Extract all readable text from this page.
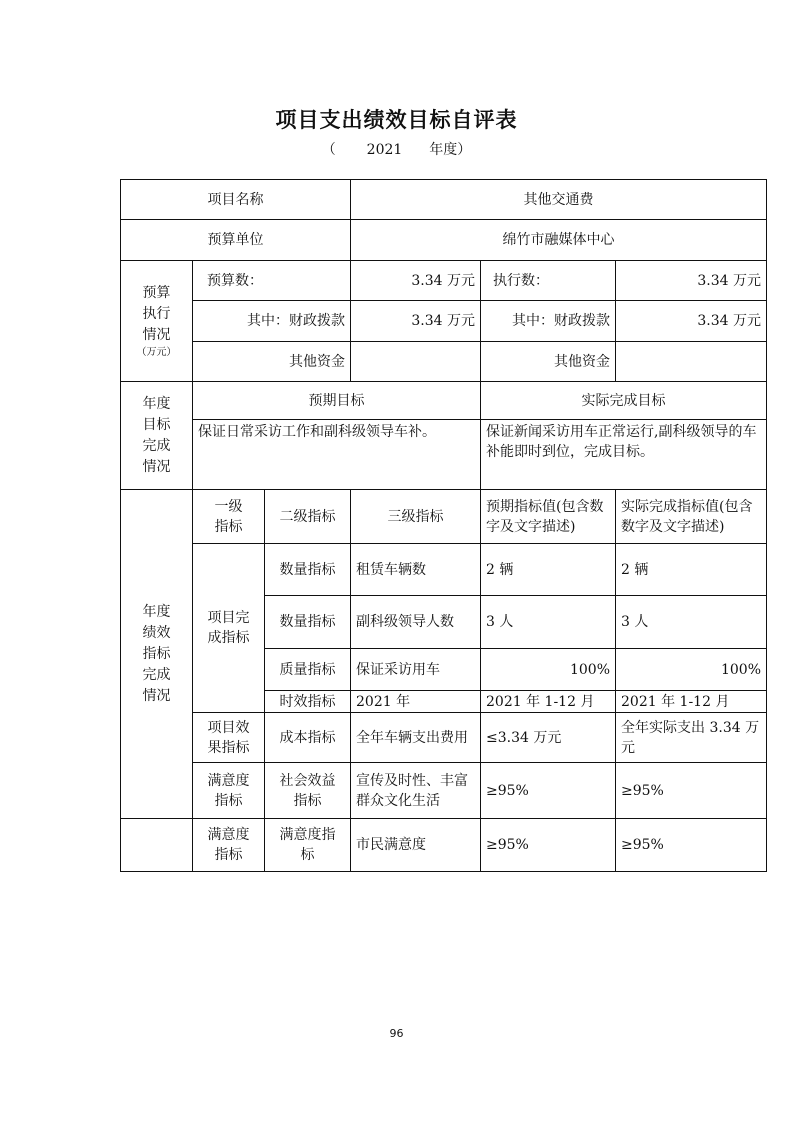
项目支出绩效目标自评表
（ 2021 年度）
项目名称			其他交通费		
预算单位			绵竹市融媒体中心		
预算
执行
情况
（万元）	预算数：		3.34 万元	执行数：	3.34 万元
	其中：财政拨款		3.34 万元	其中：财政拨款	3.34 万元
	其他资金			其他资金	
年度
目标
完成
情况	预期目标			实际完成目标	
	保证日常采访工作和副科级领导车补。			保证新闻采访用车正常运行,副科级领导的车补能即时到位，完成目标。	
年度
绩效
指标
完成
情况	一级指标	二级指标	三级指标	预期指标值(包含数字及文字描述)	实际完成指标值(包含数字及文字描述)
	项目完成指标	数量指标	租赁车辆数	2 辆	2 辆
		数量指标	副科级领导人数	3 人	3 人
		质量指标	保证采访用车	100%	100%
		时效指标	2021 年	2021 年 1-12 月	2021 年 1-12 月
	项目效果指标	成本指标	全年车辆支出费用	≤3.34 万元	全年实际支出 3.34 万元
	满意度指标	社会效益指标	宣传及时性、丰富群众文化生活	≥95%	≥95%
	满意度指标	满意度指标	市民满意度	≥95%	≥95%
96
